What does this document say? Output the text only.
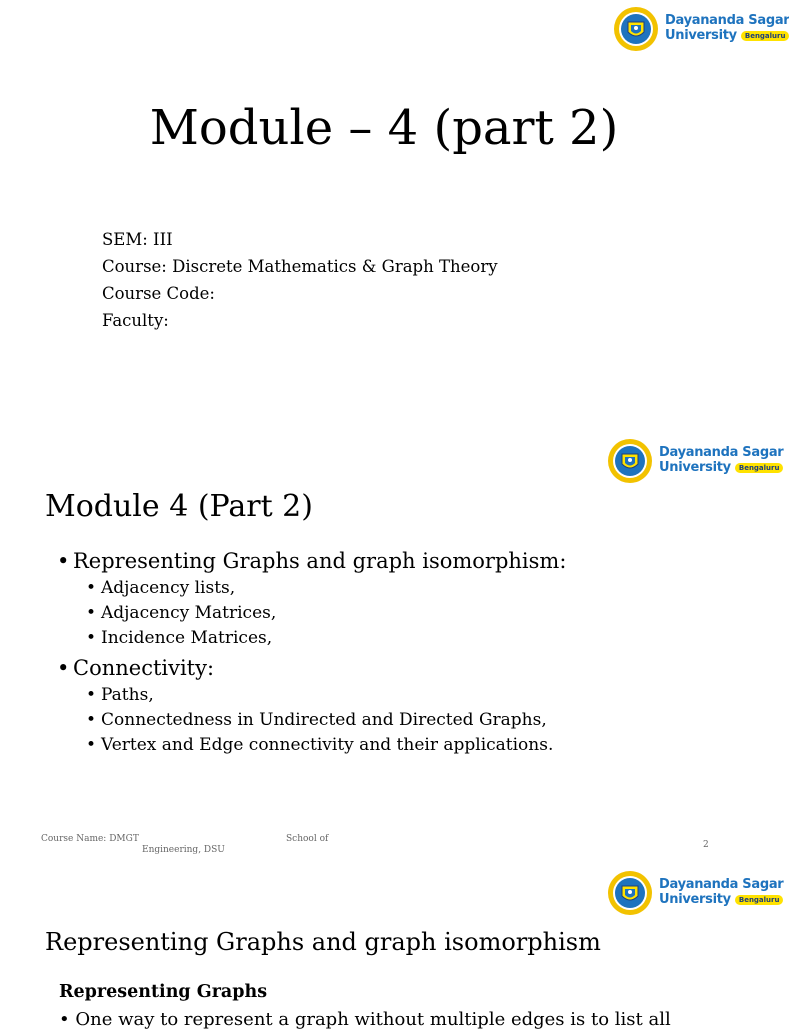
Dayananda Sagar
University	Bengaluru
Module – 4 (part 2)
SEM: III
Course: Discrete Mathematics & Graph Theory
Course Code:
Faculty:
Dayananda Sagar
University	Bengaluru
Module 4 (Part 2)
• Representing Graphs and graph isomorphism:
• Adjacency lists,
• Adjacency Matrices,
• Incidence Matrices,
• Connectivity:
• Paths,
• Connectedness in Undirected and Directed Graphs,
• Vertex and Edge connectivity and their applications.
Course Name: DMGT	School of
Engineering, DSU	2
Dayananda Sagar
University	Bengaluru
Representing Graphs and graph isomorphism
Representing Graphs
• One way to represent a graph without multiple edges is to list all
